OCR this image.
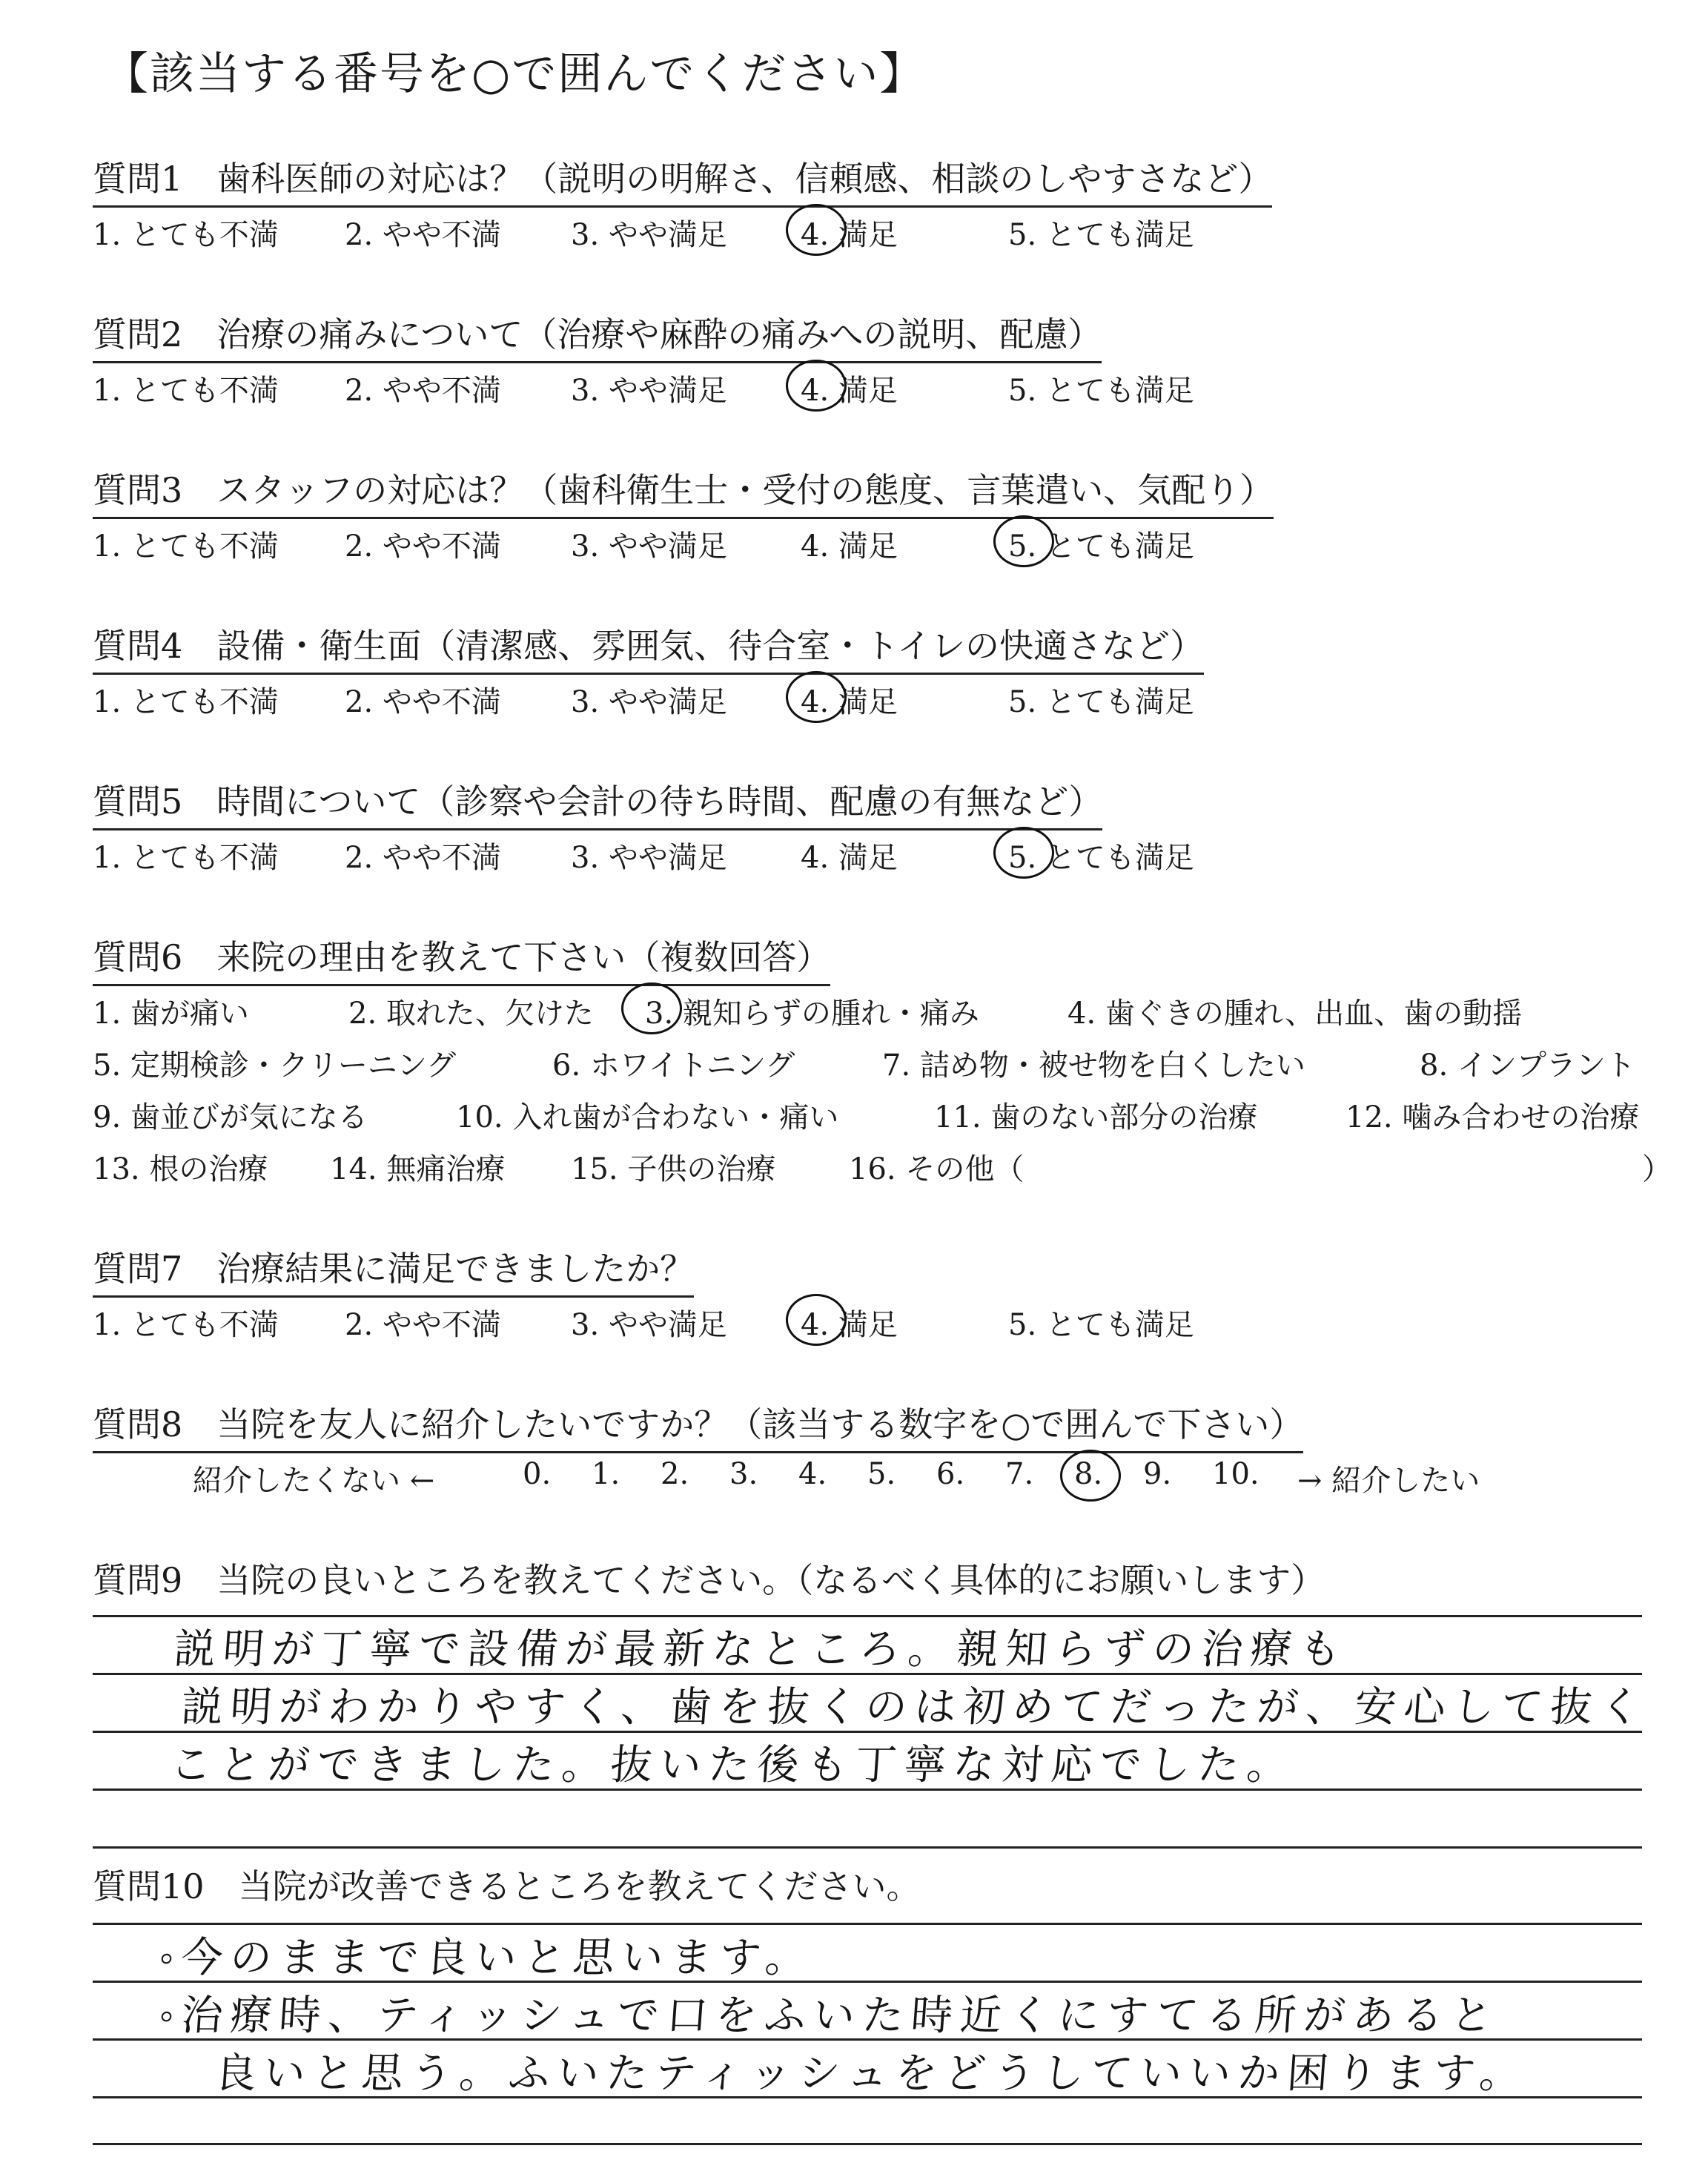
【該当する番号を○で囲んでください】
質問1　歯科医師の対応は？（説明の明解さ、信頼感、相談のしやすさなど）
1. とても不満 2. やや不満 3. やや満足 4. 満足	5. とても満足
質問2　治療の痛みについて（治療や麻酔の痛みへの説明、配慮）
1. とても不満 2. やや不満 3. やや満足 4. 満足	5. とても満足
質問3　スタッフの対応は？（歯科衛生士・受付の態度、言葉遣い、気配り）
1. とても不満 2. やや不満 3. やや満足 4. 満足	5. とても満足
質問4　設備・衛生面（清潔感、雰囲気、待合室・トイレの快適さなど）
1. とても不満 2. やや不満 3. やや満足 4. 満足	5. とても満足
質問5　時間について（診察や会計の待ち時間、配慮の有無など）
1. とても不満 2. やや不満 3. やや満足 4. 満足	5. とても満足
質問6　来院の理由を教えて下さい（複数回答）
1. 歯が痛い	2. 取れた、欠けた 3. 親知らずの腫れ・痛み	4. 歯ぐきの腫れ、出血、歯の動揺
5. 定期検診・クリーニング	6. ホワイトニング	7. 詰め物・被せ物を白くしたい	8. インプラント
9. 歯並びが気になる	10. 入れ歯が合わない・痛い	11. 歯のない部分の治療	12. 噛み合わせの治療
13. 根の治療 14. 無痛治療 15. 子供の治療 16. その他（	）
質問7　治療結果に満足できましたか？
1. とても不満 2. やや不満 3. やや満足 4. 満足	5. とても満足
質問8　当院を友人に紹介したいですか？（該当する数字を○で囲んで下さい）
紹介したくない ←	0. 1. 2. 3. 4. 5. 6. 7. 8. 9. 10. → 紹介したい
質問9　当院の良いところを教えてください。（なるべく具体的にお願いします）
説明が丁寧で設備が最新なところ。親知らずの治療も
説明がわかりやすく、歯を抜くのは初めてだったが、安心して抜く
ことができました。抜いた後も丁寧な対応でした。
質問10　当院が改善できるところを教えてください。
◦今のままで良いと思います。
◦治療時、ティッシュで口をふいた時近くにすてる所があると
良いと思う。ふいたティッシュをどうしていいか困ります。
